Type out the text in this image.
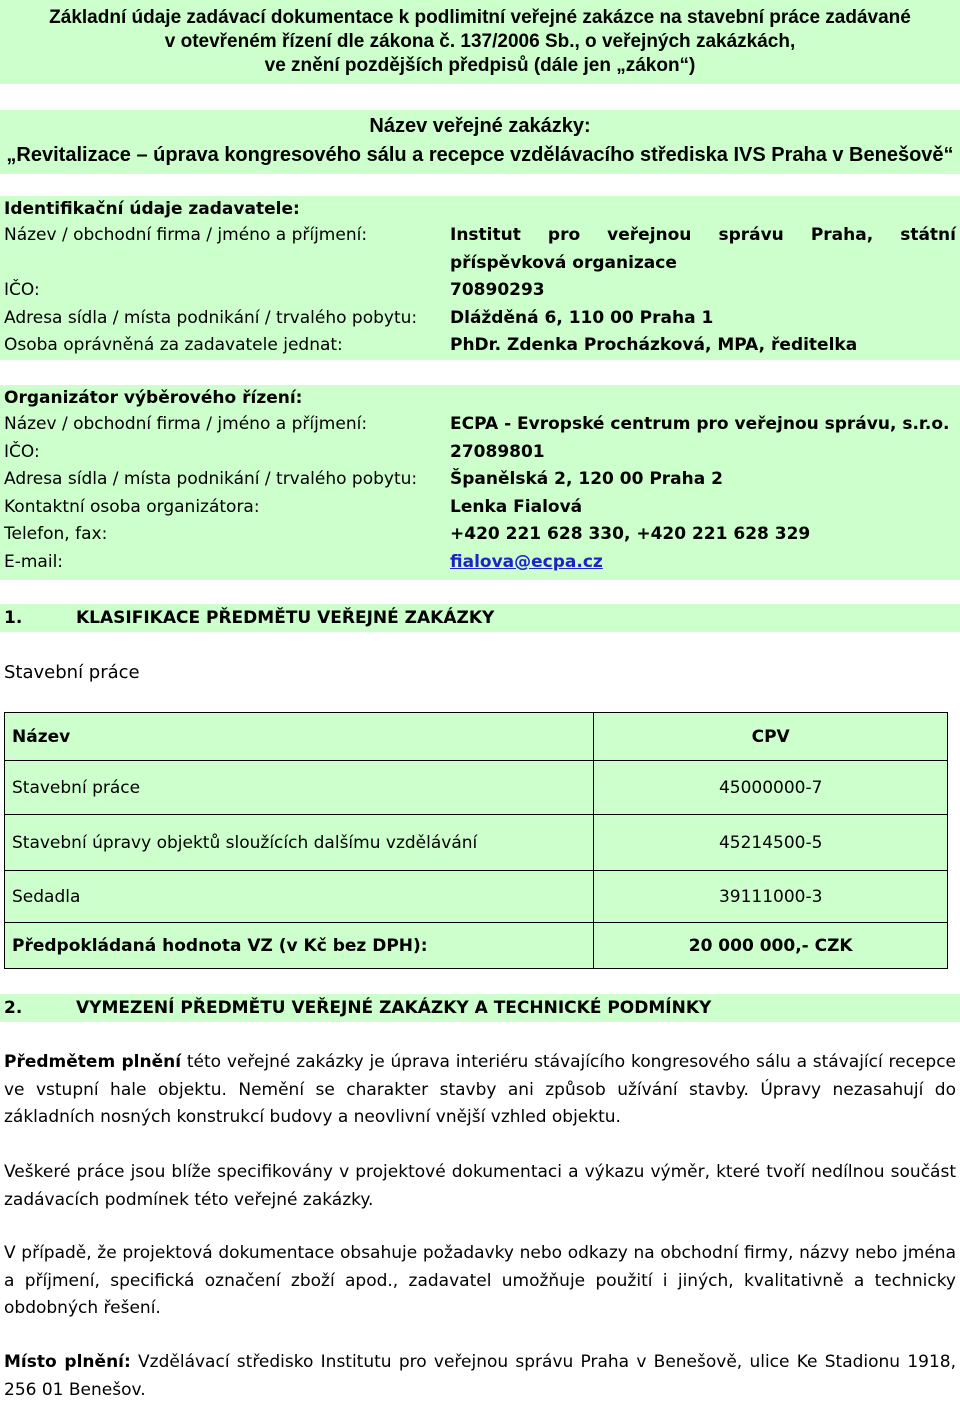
Základní údaje zadávací dokumentace k podlimitní veřejné zakázce na stavební práce zadávané
v otevřeném řízení dle zákona č. 137/2006 Sb., o veřejných zakázkách,
ve znění pozdějších předpisů (dále jen „zákon“)
Název veřejné zakázky:
„Revitalizace – úprava kongresového sálu a recepce vzdělávacího střediska IVS Praha v Benešově“
Identifikační údaje zadavatele:
Název / obchodní firma / jméno a příjmení:	Institut pro veřejnou správu Praha, státní
příspěvková organizace
IČO:	70890293
Adresa sídla / místa podnikání / trvalého pobytu:	Dlážděná 6, 110 00 Praha 1
Osoba oprávněná za zadavatele jednat:	PhDr. Zdenka Procházková, MPA, ředitelka
Organizátor výběrového řízení:
Název / obchodní firma / jméno a příjmení:	ECPA - Evropské centrum pro veřejnou správu, s.r.o.
IČO:	27089801
Adresa sídla / místa podnikání / trvalého pobytu:	Španělská 2, 120 00 Praha 2
Kontaktní osoba organizátora:	Lenka Fialová
Telefon, fax:	+420 221 628 330, +420 221 628 329
E-mail:	fialova@ecpa.cz
1.	KLASIFIKACE PŘEDMĚTU VEŘEJNÉ ZAKÁZKY
Stavební práce
Název	CPV
Stavební práce	45000000-7
Stavební úpravy objektů sloužících dalšímu vzdělávání	45214500-5
Sedadla	39111000-3
Předpokládaná hodnota VZ (v Kč bez DPH):	20 000 000,- CZK
2.	VYMEZENÍ PŘEDMĚTU VEŘEJNÉ ZAKÁZKY A TECHNICKÉ PODMÍNKY
Předmětem plnění této veřejné zakázky je úprava interiéru stávajícího kongresového sálu a stávající recepce ve vstupní hale objektu. Nemění se charakter stavby ani způsob užívání stavby. Úpravy nezasahují do základních nosných konstrukcí budovy a neovlivní vnější vzhled objektu.
Veškeré práce jsou blíže specifikovány v projektové dokumentaci a výkazu výměr, které tvoří nedílnou součást zadávacích podmínek této veřejné zakázky.
V případě, že projektová dokumentace obsahuje požadavky nebo odkazy na obchodní firmy, názvy nebo jména a příjmení, specifická označení zboží apod., zadavatel umožňuje použití i jiných, kvalitativně a technicky obdobných řešení.
Místo plnění: Vzdělávací středisko Institutu pro veřejnou správu Praha v Benešově, ulice Ke Stadionu 1918, 256 01 Benešov.
